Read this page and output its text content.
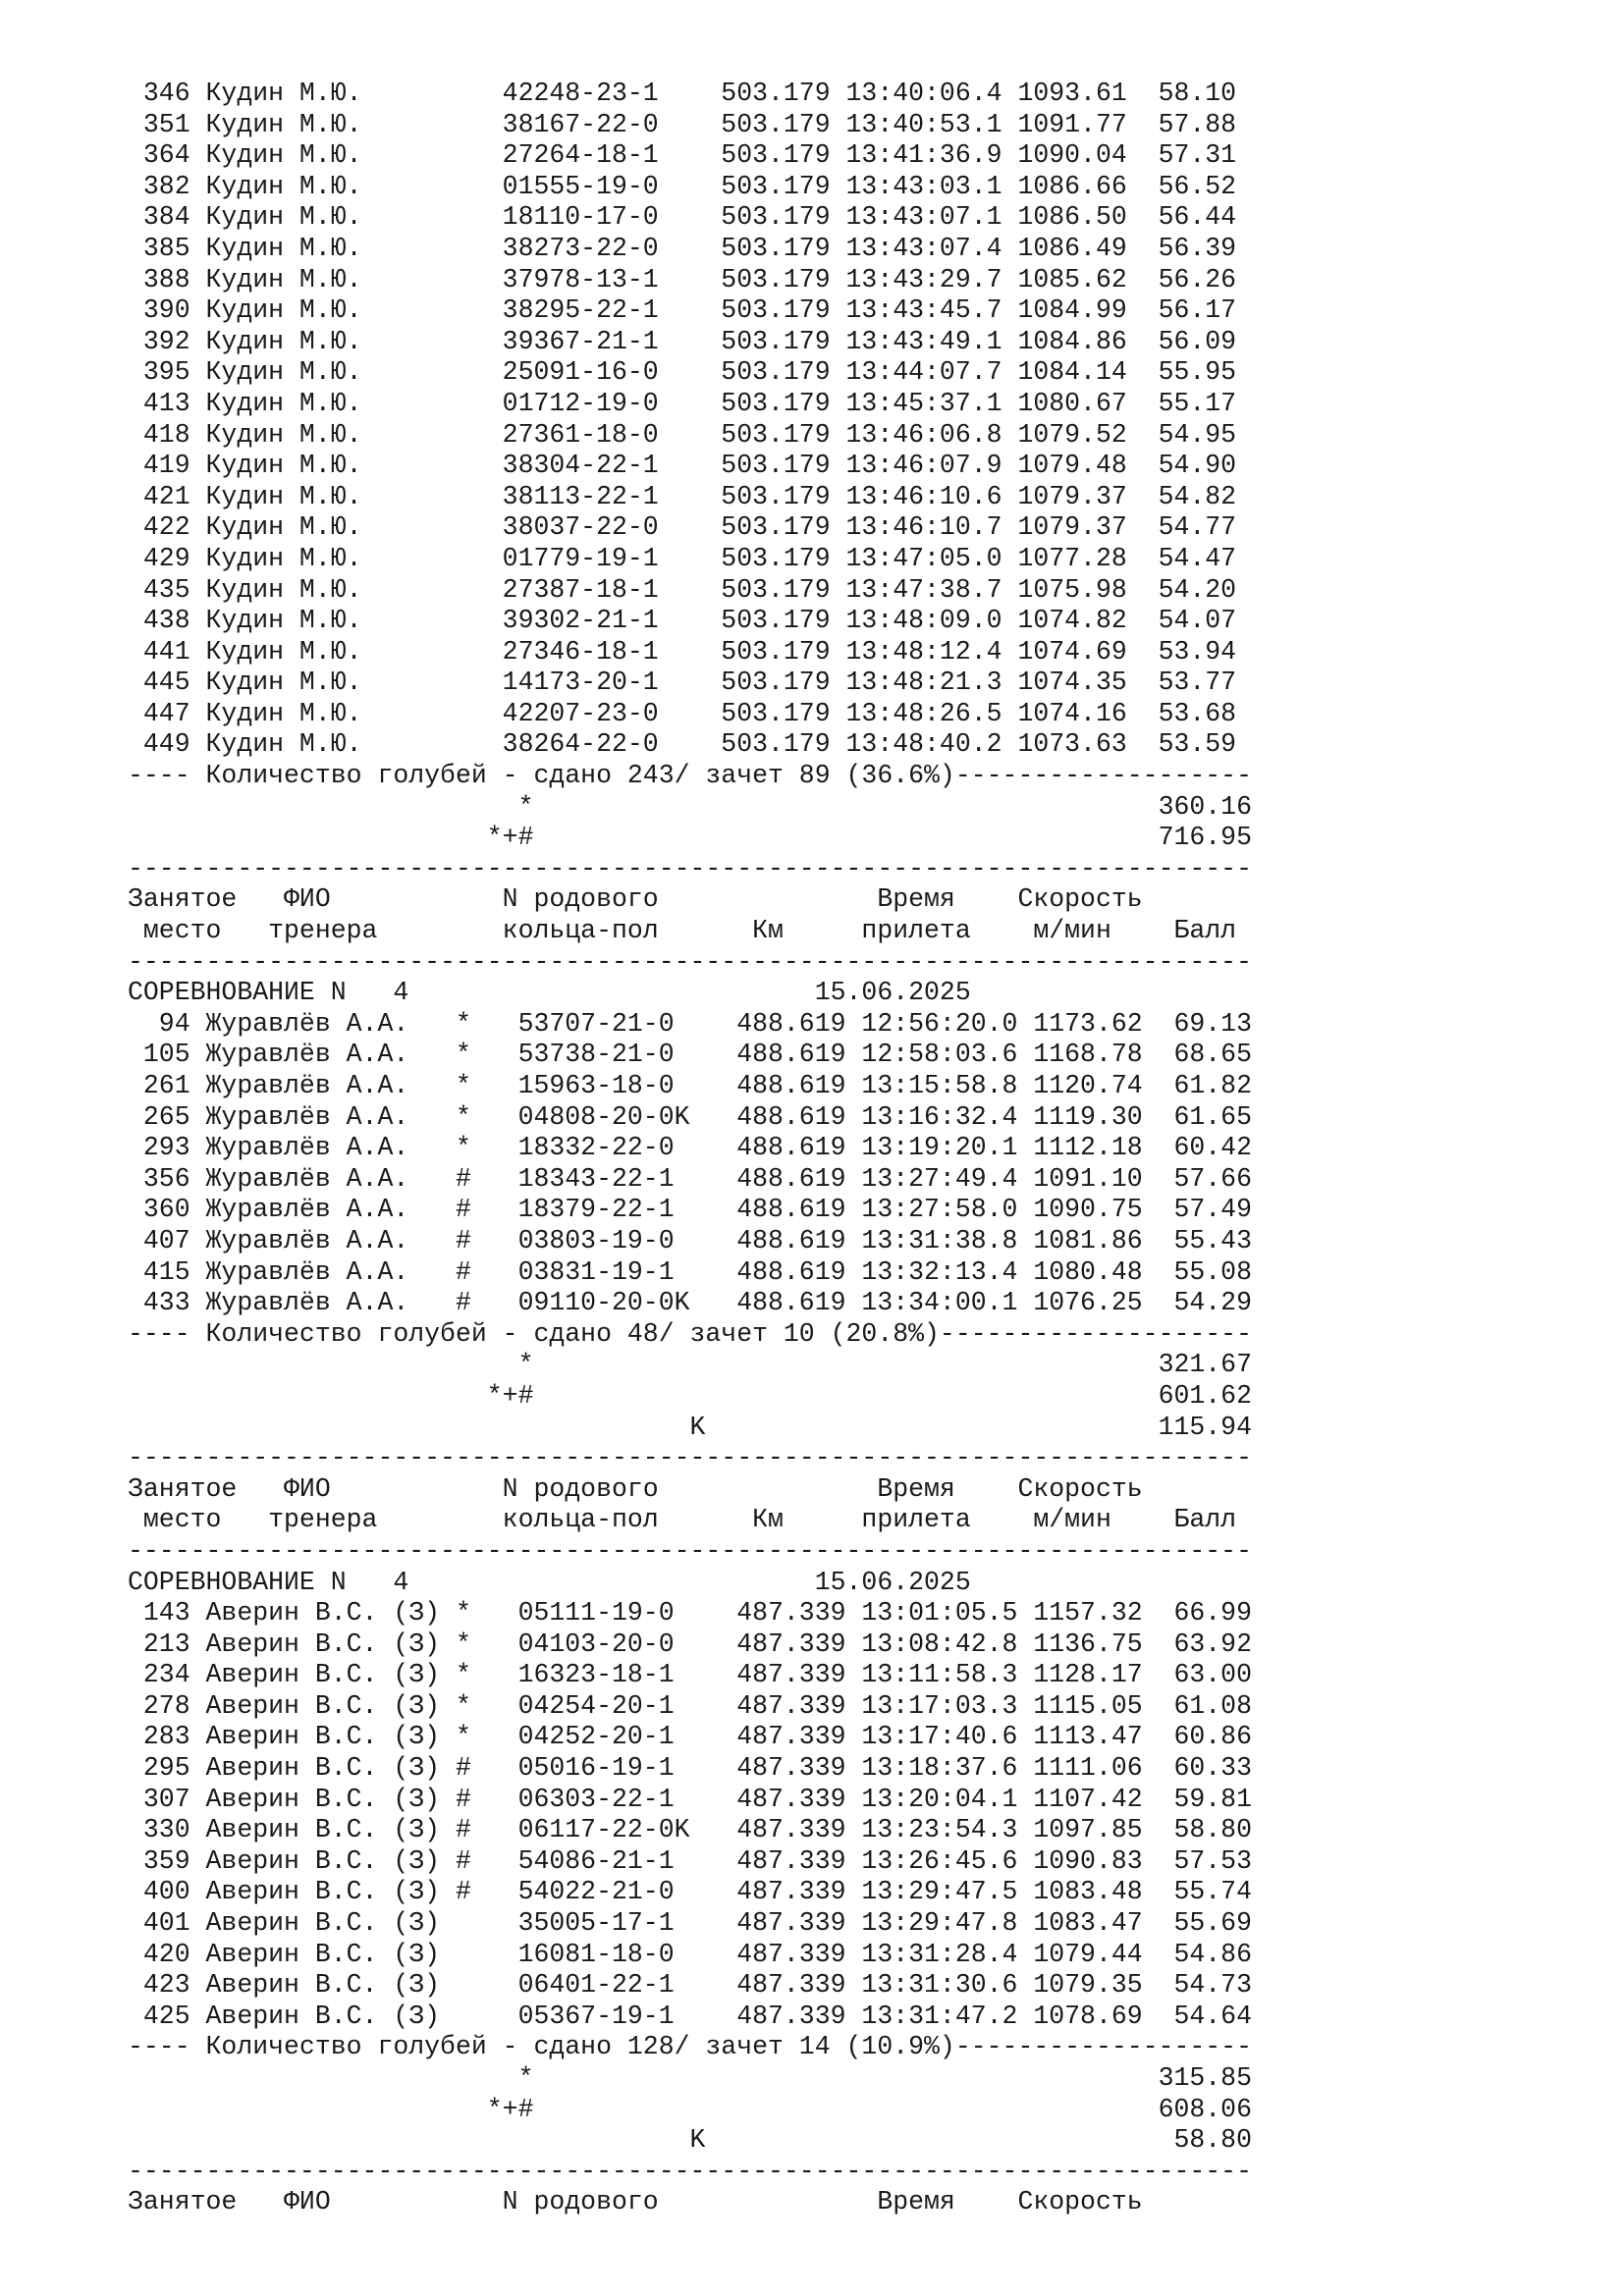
346 Кудин М.Ю.         42248-23-1    503.179 13:40:06.4 1093.61  58.10
351 Кудин М.Ю.         38167-22-0    503.179 13:40:53.1 1091.77  57.88
364 Кудин М.Ю.         27264-18-1    503.179 13:41:36.9 1090.04  57.31
382 Кудин М.Ю.         01555-19-0    503.179 13:43:03.1 1086.66  56.52
384 Кудин М.Ю.         18110-17-0    503.179 13:43:07.1 1086.50  56.44
385 Кудин М.Ю.         38273-22-0    503.179 13:43:07.4 1086.49  56.39
388 Кудин М.Ю.         37978-13-1    503.179 13:43:29.7 1085.62  56.26
390 Кудин М.Ю.         38295-22-1    503.179 13:43:45.7 1084.99  56.17
392 Кудин М.Ю.         39367-21-1    503.179 13:43:49.1 1084.86  56.09
395 Кудин М.Ю.         25091-16-0    503.179 13:44:07.7 1084.14  55.95
413 Кудин М.Ю.         01712-19-0    503.179 13:45:37.1 1080.67  55.17
418 Кудин М.Ю.         27361-18-0    503.179 13:46:06.8 1079.52  54.95
419 Кудин М.Ю.         38304-22-1    503.179 13:46:07.9 1079.48  54.90
421 Кудин М.Ю.         38113-22-1    503.179 13:46:10.6 1079.37  54.82
422 Кудин М.Ю.         38037-22-0    503.179 13:46:10.7 1079.37  54.77
429 Кудин М.Ю.         01779-19-1    503.179 13:47:05.0 1077.28  54.47
435 Кудин М.Ю.         27387-18-1    503.179 13:47:38.7 1075.98  54.20
438 Кудин М.Ю.         39302-21-1    503.179 13:48:09.0 1074.82  54.07
441 Кудин М.Ю.         27346-18-1    503.179 13:48:12.4 1074.69  53.94
445 Кудин М.Ю.         14173-20-1    503.179 13:48:21.3 1074.35  53.77
447 Кудин М.Ю.         42207-23-0    503.179 13:48:26.5 1074.16  53.68
449 Кудин М.Ю.         38264-22-0    503.179 13:48:40.2 1073.63  53.59
---- Количество голубей - сдано 243/ зачет 89 (36.6%)-------------------
*                                        360.16
*+#                                        716.95
------------------------------------------------------------------------
Занятое   ФИО           N родового              Время    Скорость
место   тренера        кольца-пол      Км     прилета    м/мин    Балл
------------------------------------------------------------------------
СОРЕВНОВАНИЕ N   4                          15.06.2025
94 Журавлёв А.А.   *   53707-21-0    488.619 12:56:20.0 1173.62  69.13
105 Журавлёв А.А.   *   53738-21-0    488.619 12:58:03.6 1168.78  68.65
261 Журавлёв А.А.   *   15963-18-0    488.619 13:15:58.8 1120.74  61.82
265 Журавлёв А.А.   *   04808-20-0K   488.619 13:16:32.4 1119.30  61.65
293 Журавлёв А.А.   *   18332-22-0    488.619 13:19:20.1 1112.18  60.42
356 Журавлёв А.А.   #   18343-22-1    488.619 13:27:49.4 1091.10  57.66
360 Журавлёв А.А.   #   18379-22-1    488.619 13:27:58.0 1090.75  57.49
407 Журавлёв А.А.   #   03803-19-0    488.619 13:31:38.8 1081.86  55.43
415 Журавлёв А.А.   #   03831-19-1    488.619 13:32:13.4 1080.48  55.08
433 Журавлёв А.А.   #   09110-20-0K   488.619 13:34:00.1 1076.25  54.29
---- Количество голубей - сдано 48/ зачет 10 (20.8%)--------------------
*                                        321.67
*+#                                        601.62
K                             115.94
------------------------------------------------------------------------
Занятое   ФИО           N родового              Время    Скорость
место   тренера        кольца-пол      Км     прилета    м/мин    Балл
------------------------------------------------------------------------
СОРЕВНОВАНИЕ N   4                          15.06.2025
143 Аверин В.С. (З) *   05111-19-0    487.339 13:01:05.5 1157.32  66.99
213 Аверин В.С. (З) *   04103-20-0    487.339 13:08:42.8 1136.75  63.92
234 Аверин В.С. (З) *   16323-18-1    487.339 13:11:58.3 1128.17  63.00
278 Аверин В.С. (З) *   04254-20-1    487.339 13:17:03.3 1115.05  61.08
283 Аверин В.С. (З) *   04252-20-1    487.339 13:17:40.6 1113.47  60.86
295 Аверин В.С. (З) #   05016-19-1    487.339 13:18:37.6 1111.06  60.33
307 Аверин В.С. (З) #   06303-22-1    487.339 13:20:04.1 1107.42  59.81
330 Аверин В.С. (З) #   06117-22-0K   487.339 13:23:54.3 1097.85  58.80
359 Аверин В.С. (З) #   54086-21-1    487.339 13:26:45.6 1090.83  57.53
400 Аверин В.С. (З) #   54022-21-0    487.339 13:29:47.5 1083.48  55.74
401 Аверин В.С. (З)     35005-17-1    487.339 13:29:47.8 1083.47  55.69
420 Аверин В.С. (З)     16081-18-0    487.339 13:31:28.4 1079.44  54.86
423 Аверин В.С. (З)     06401-22-1    487.339 13:31:30.6 1079.35  54.73
425 Аверин В.С. (З)     05367-19-1    487.339 13:31:47.2 1078.69  54.64
---- Количество голубей - сдано 128/ зачет 14 (10.9%)-------------------
*                                        315.85
*+#                                        608.06
K                              58.80
------------------------------------------------------------------------
Занятое   ФИО           N родового              Время    Скорость
